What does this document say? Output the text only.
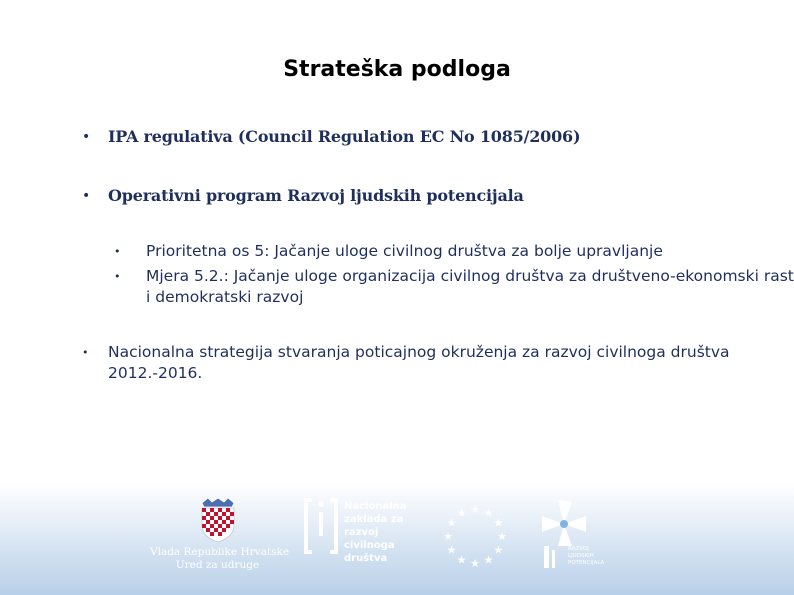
Strateška podloga
• IPA regulativa (Council Regulation EC No 1085/2006)
• Operativni program Razvoj ljudskih potencijala
• Prioritetna os 5: Jačanje uloge civilnog društva za bolje upravljanje
• Mjera 5.2.: Jačanje uloge organizacija civilnog društva za društveno-ekonomski rast i demokratski razvoj
• Nacionalna strategija stvaranja poticajnog okruženja za razvoj civilnoga društva 2012.-2016.
Vlada Republike Hrvatske
Ured za udruge
Nacionalna
zaklada za
razvoj
civilnoga
društva
★ ★
★
★
★
★
★
★
★
★
★
★
RAZVOJ
LJUDSKIH
POTENCIJALA
